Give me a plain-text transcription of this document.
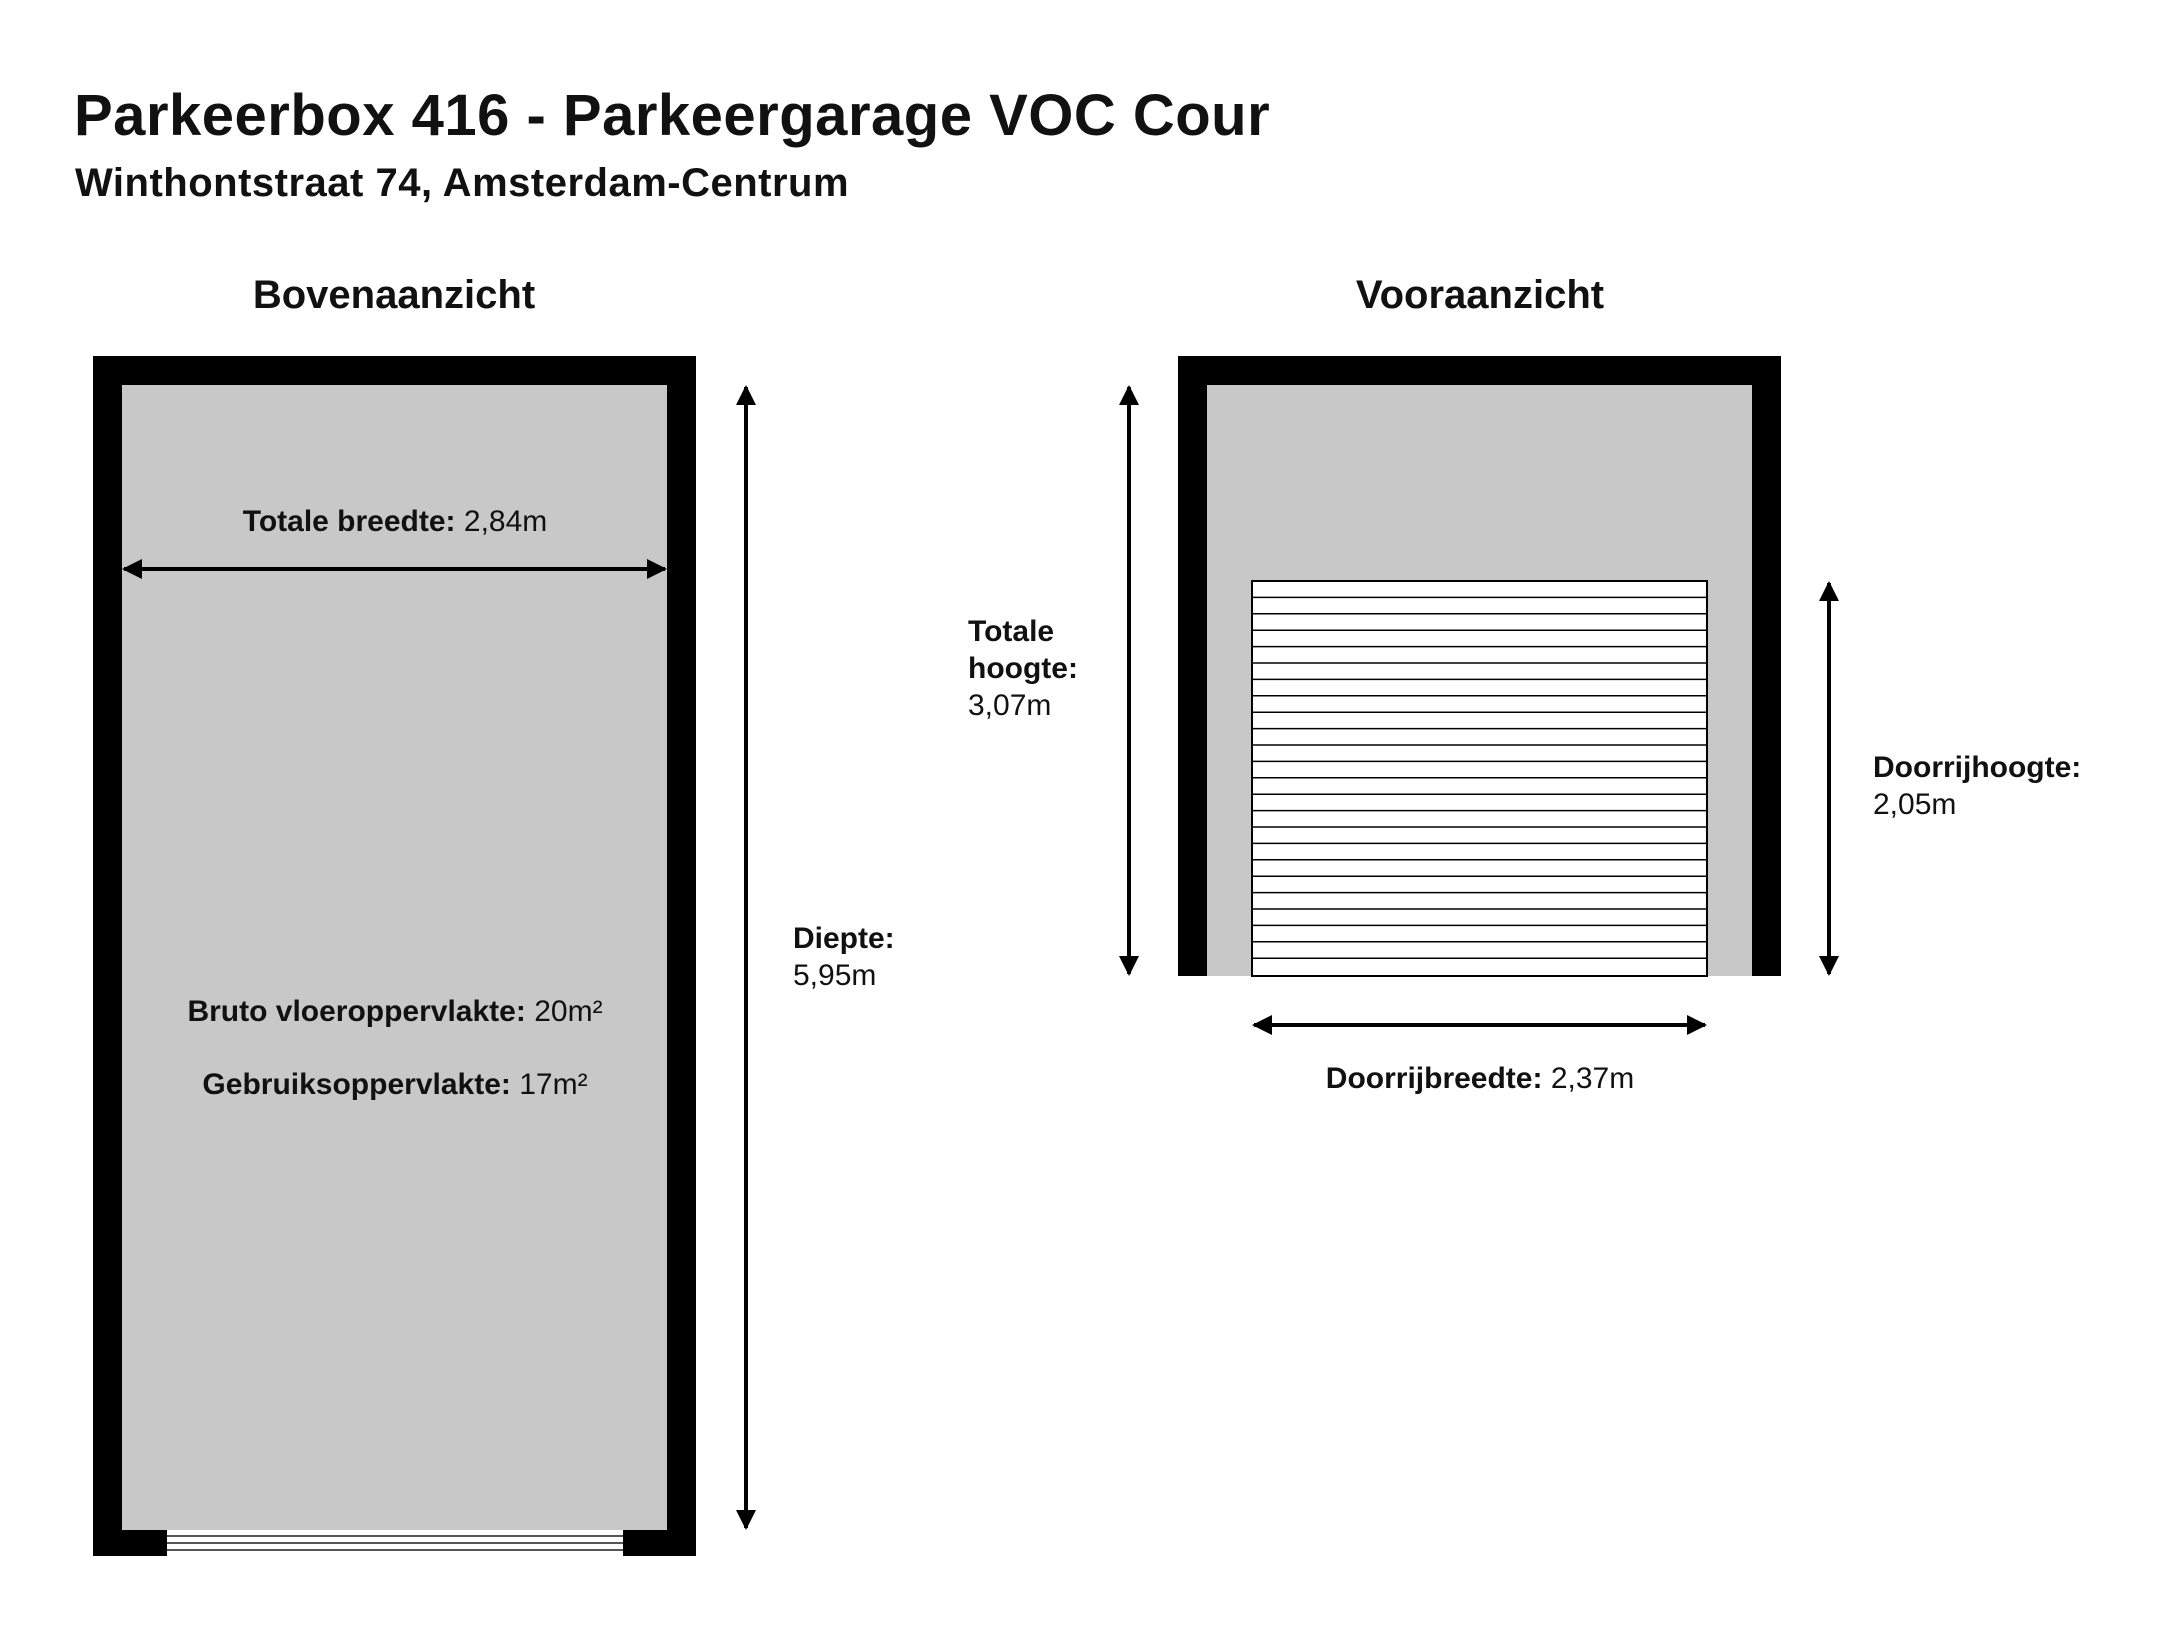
Parkeerbox 416 - Parkeergarage VOC Cour
Winthontstraat 74, Amsterdam-Centrum
Bovenaanzicht	Vooraanzicht
Totale breedte: 2,84m
Diepte:
5,95m
Bruto vloeroppervlakte: 20m²
Gebruiksoppervlakte: 17m²
Totale
hoogte:
3,07m
Doorrijhoogte:
2,05m
Doorrijbreedte: 2,37m
